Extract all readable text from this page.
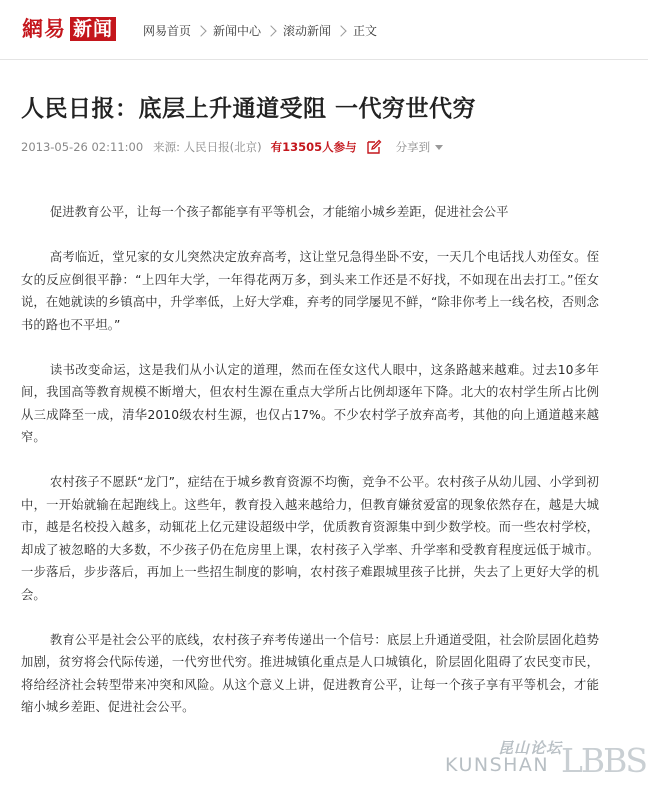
網易 新闻 网易首页 新闻中心 滚动新闻 正文
人民日报：底层上升通道受阻 一代穷世代穷
2013-05-26 02:11:00 来源: 人民日报(北京) 有13505人参与	分享到

促进教育公平，让每一个孩子都能享有平等机会，才能缩小城乡差距，促进社会公平

高考临近，堂兄家的女儿突然决定放弃高考，这让堂兄急得坐卧不安，一天几个电话找人劝侄女。侄女的反应倒很平静：“上四年大学，一年得花两万多，到头来工作还是不好找，不如现在出去打工。”侄女说，在她就读的乡镇高中，升学率低，上好大学难，弃考的同学屡见不鲜，“除非你考上一线名校，否则念书的路也不平坦。”

读书改变命运，这是我们从小认定的道理，然而在侄女这代人眼中，这条路越来越难。过去10多年间，我国高等教育规模不断增大，但农村生源在重点大学所占比例却逐年下降。北大的农村学生所占比例从三成降至一成，清华2010级农村生源，也仅占17%。不少农村学子放弃高考，其他的向上通道越来越窄。

农村孩子不愿跃“龙门”，症结在于城乡教育资源不均衡，竞争不公平。农村孩子从幼儿园、小学到初中，一开始就输在起跑线上。这些年，教育投入越来越给力，但教育嫌贫爱富的现象依然存在，越是大城市，越是名校投入越多，动辄花上亿元建设超级中学，优质教育资源集中到少数学校。而一些农村学校，却成了被忽略的大多数，不少孩子仍在危房里上课，农村孩子入学率、升学率和受教育程度远低于城市。一步落后，步步落后，再加上一些招生制度的影响，农村孩子难跟城里孩子比拼，失去了上更好大学的机会。

教育公平是社会公平的底线，农村孩子弃考传递出一个信号：底层上升通道受阻，社会阶层固化趋势加剧，贫穷将会代际传递，一代穷世代穷。推进城镇化重点是人口城镇化，阶层固化阻碍了农民变市民，将给经济社会转型带来冲突和风险。从这个意义上讲，促进教育公平，让每一个孩子享有平等机会，才能缩小城乡差距、促进社会公平。

昆山论坛
KUNSHAN LBBS
